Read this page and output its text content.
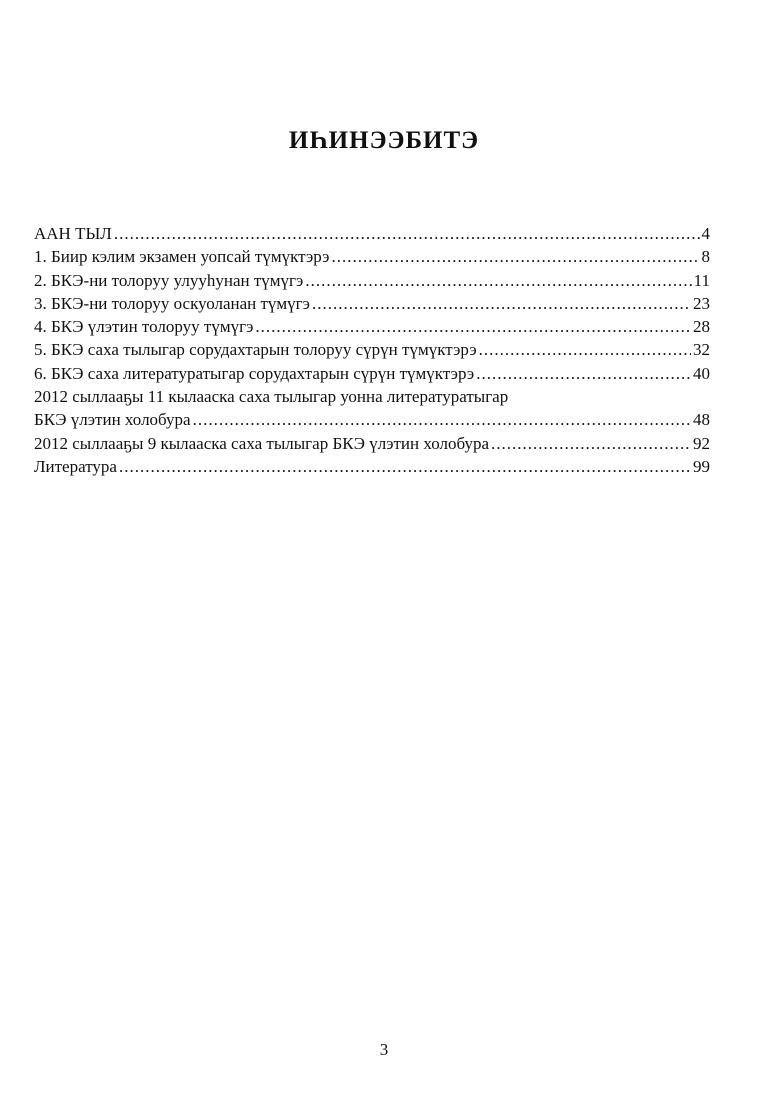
ИҺИНЭЭБИТЭ
ААН ТЫЛ .....	4
1. Биир кэлим экзамен уопсай түмүктэрэ .....	8
2. БКЭ-ни толоруу улууһунан түмүгэ .....	11
3. БКЭ-ни толоруу оскуоланан түмүгэ .....	23
4. БКЭ үлэтин толоруу түмүгэ .....	28
5. БКЭ саха тылыгар сорудахтарын толоруу сүрүн түмүктэрэ .....	32
6. БКЭ саха литературатыгар сорудахтарын сүрүн түмүктэрэ .....	40
2012 сыллааҕы 11 кылааска саха тылыгар уонна литературатыгар
БКЭ үлэтин холобура .....	48
2012 сыллааҕы 9 кылааска саха тылыгар БКЭ үлэтин холобура .....	92
Литература .....	99
3
